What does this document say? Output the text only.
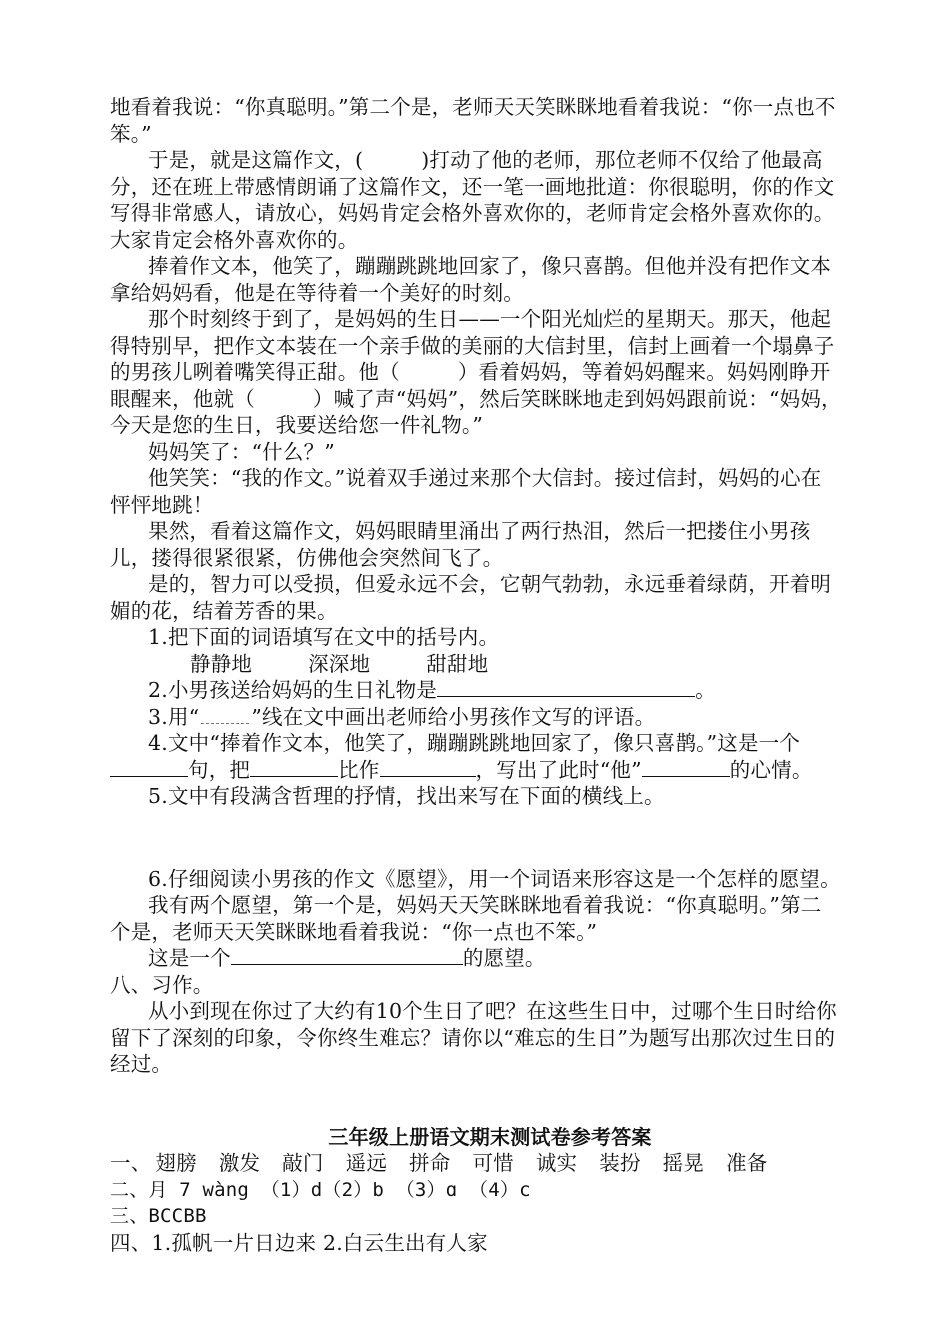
地看着我说：“你真聪明。”第二个是，老师天天笑眯眯地看着我说：“你一点也不笨。”

于是，就是这篇作文，(	)打动了他的老师，那位老师不仅给了他最高分，还在班上带感情朗诵了这篇作文，还一笔一画地批道：你很聪明，你的作文写得非常感人，请放心，妈妈肯定会格外喜欢你的，老师肯定会格外喜欢你的。大家肯定会格外喜欢你的。

捧着作文本，他笑了，蹦蹦跳跳地回家了，像只喜鹊。但他并没有把作文本拿给妈妈看，他是在等待着一个美好的时刻。

那个时刻终于到了，是妈妈的生日——一个阳光灿烂的星期天。那天，他起得特别早，把作文本装在一个亲手做的美丽的大信封里，信封上画着一个塌鼻子的男孩儿咧着嘴笑得正甜。他（	）看着妈妈，等着妈妈醒来。妈妈刚睁开眼醒来，他就（	）喊了声“妈妈”，然后笑眯眯地走到妈妈跟前说：“妈妈，今天是您的生日，我要送给您一件礼物。”

妈妈笑了：“什么？”

他笑笑：“我的作文。”说着双手递过来那个大信封。接过信封，妈妈的心在怦怦地跳！

果然，看着这篇作文，妈妈眼睛里涌出了两行热泪，然后一把搂住小男孩儿，搂得很紧很紧，仿佛他会突然间飞了。

是的，智力可以受损，但爱永远不会，它朝气勃勃，永远垂着绿荫，开着明媚的花，结着芳香的果。

1.把下面的词语填写在文中的括号内。

静静地	深深地	甜甜地

2.小男孩送给妈妈的生日礼物是	。

3.用“	”线在文中画出老师给小男孩作文写的评语。

4.文中“捧着作文本，他笑了，蹦蹦跳跳地回家了，像只喜鹊。”这是一个
句，把	比作	，写出了此时“他”	的心情。

5.文中有段满含哲理的抒情，找出来写在下面的横线上。

6.仔细阅读小男孩的作文《愿望》，用一个词语来形容这是一个怎样的愿望。

我有两个愿望，第一个是，妈妈天天笑眯眯地看着我说：“你真聪明。”第二个是，老师天天笑眯眯地看着我说：“你一点也不笨。”

这是一个	的愿望。

八、习作。

从小到现在你过了大约有10个生日了吧？在这些生日中，过哪个生日时给你留下了深刻的印象，令你终生难忘？请你以“难忘的生日”为题写出那次过生日的经过。

三年级上册语文期末测试卷参考答案

一、 翅膀 激发 敲门 遥远 拼命 可惜 诚实 装扮 摇晃 准备

二、月 7 wàng （1）d（2）b （3）ɑ （4）c

三、BCCBB

四、1.孤帆一片日边来 2.白云生出有人家
